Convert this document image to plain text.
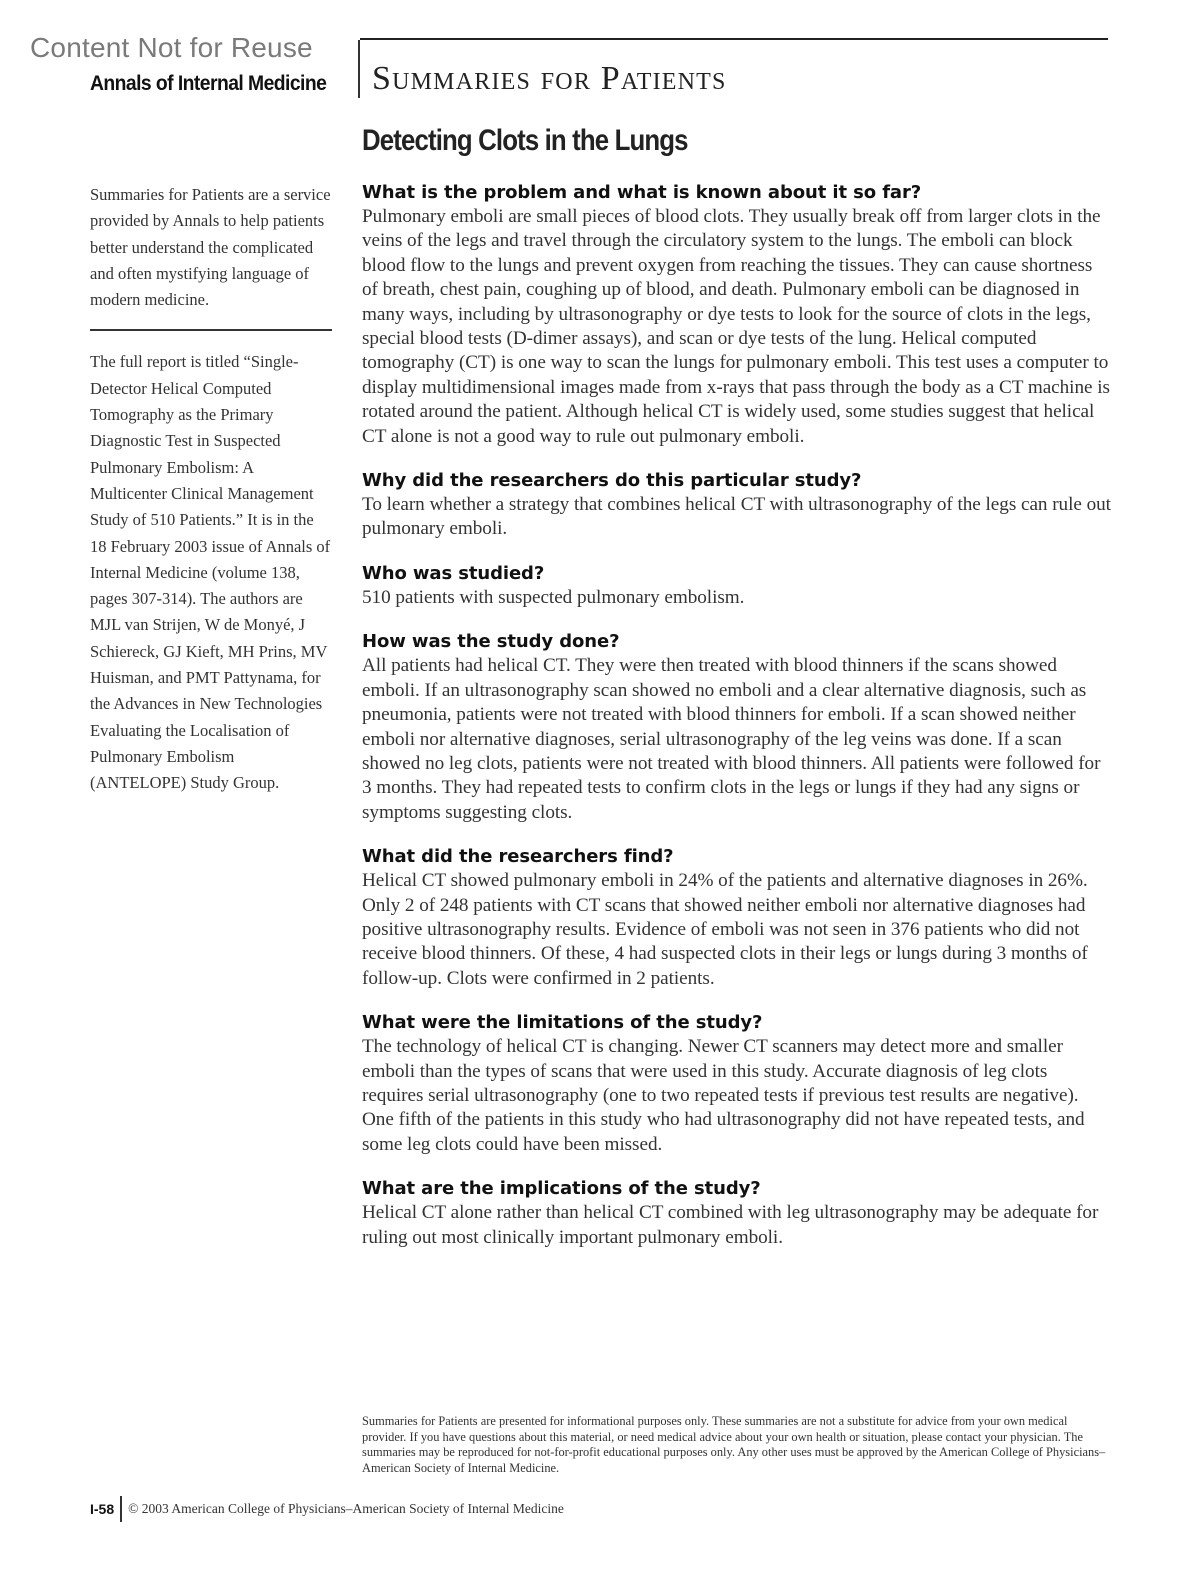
Content Not for Reuse
Annals of Internal Medicine Summaries for Patients
Detecting Clots in the Lungs

Summaries for Patients are a service provided by Annals to help patients better understand the complicated and often mystifying language of modern medicine.

The full report is titled “Single-Detector Helical Computed Tomography as the Primary Diagnostic Test in Suspected Pulmonary Embolism: A Multicenter Clinical Management Study of 510 Patients.” It is in the 18 February 2003 issue of Annals of Internal Medicine (volume 138, pages 307-314). The authors are MJL van Strijen, W de Monyé, J Schiereck, GJ Kieft, MH Prins, MV Huisman, and PMT Pattynama, for the Advances in New Technologies Evaluating the Localisation of Pulmonary Embolism (ANTELOPE) Study Group.

What is the problem and what is known about it so far?

Pulmonary emboli are small pieces of blood clots. They usually break off from larger clots in the veins of the legs and travel through the circulatory system to the lungs. The emboli can block blood flow to the lungs and prevent oxygen from reaching the tissues. They can cause shortness of breath, chest pain, coughing up of blood, and death. Pulmonary emboli can be diagnosed in many ways, including by ultrasonography or dye tests to look for the source of clots in the legs, special blood tests (D-dimer assays), and scan or dye tests of the lung. Helical computed tomography (CT) is one way to scan the lungs for pulmonary emboli. This test uses a computer to display multidimensional images made from x-rays that pass through the body as a CT machine is rotated around the patient. Although helical CT is widely used, some studies suggest that helical CT alone is not a good way to rule out pulmonary emboli.

Why did the researchers do this particular study?

To learn whether a strategy that combines helical CT with ultrasonography of the legs can rule out pulmonary emboli.

Who was studied?

510 patients with suspected pulmonary embolism.

How was the study done?

All patients had helical CT. They were then treated with blood thinners if the scans showed emboli. If an ultrasonography scan showed no emboli and a clear alternative diagnosis, such as pneumonia, patients were not treated with blood thinners for emboli. If a scan showed neither emboli nor alternative diagnoses, serial ultrasonography of the leg veins was done. If a scan showed no leg clots, patients were not treated with blood thinners. All patients were followed for 3 months. They had repeated tests to confirm clots in the legs or lungs if they had any signs or symptoms suggesting clots.

What did the researchers find?

Helical CT showed pulmonary emboli in 24% of the patients and alternative diagnoses in 26%. Only 2 of 248 patients with CT scans that showed neither emboli nor alternative diagnoses had positive ultrasonography results. Evidence of emboli was not seen in 376 patients who did not receive blood thinners. Of these, 4 had suspected clots in their legs or lungs during 3 months of follow-up. Clots were confirmed in 2 patients.

What were the limitations of the study?

The technology of helical CT is changing. Newer CT scanners may detect more and smaller emboli than the types of scans that were used in this study. Accurate diagnosis of leg clots requires serial ultrasonography (one to two repeated tests if previous test results are negative). One fifth of the patients in this study who had ultrasonography did not have repeated tests, and some leg clots could have been missed.

What are the implications of the study?

Helical CT alone rather than helical CT combined with leg ultrasonography may be adequate for ruling out most clinically important pulmonary emboli.

Summaries for Patients are presented for informational purposes only. These summaries are not a substitute for advice from your own medical provider. If you have questions about this material, or need medical advice about your own health or situation, please contact your physician. The summaries may be reproduced for not-for-profit educational purposes only. Any other uses must be approved by the American College of Physicians–American Society of Internal Medicine.
I-58 © 2003 American College of Physicians–American Society of Internal Medicine
